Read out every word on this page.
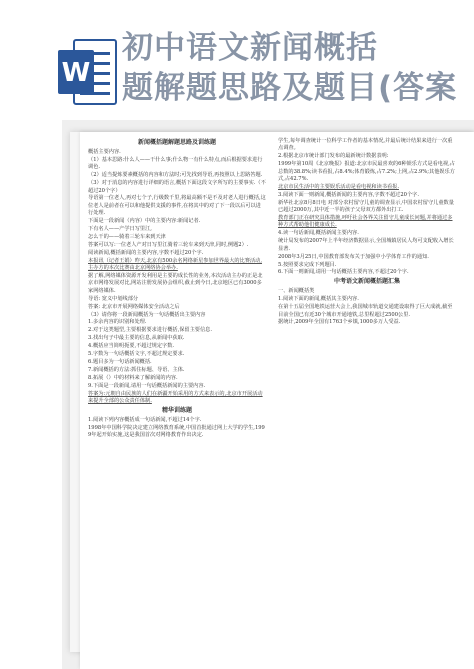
W
初中语文新闻概括
题解题思路及题目(答案

新闻概括题解题思路及训练题

概括主要内容.

（1）基本思路:什么人——干什么事;什么物一有什么特点,而后根据要求进行调色.

（2）适当提炼要素概括的内容和方法时;可先找到导语,再按照以上思路答题.

（3）对于消息的内容进行详细的语言,概括下面这段文字所写的主要事实.（不超过20个字）

导语第一位老人,再对七个子,行级数千里,将最高额不是不及对老人进行概括,这位老人是前者在可以和他提供支援的事件,在将其中的对了下一段以后可以进行处理.

下面是一段新闻（内容）中的主要内容:新闻记者.

下有名人——产学日写里江,

怎么干的——骑着三轮车来到天津

答案可以写:一位老人产对日写里江骑着三轮车来到天津,同时,例题2）.

阅读新闻,概括新闻的主要内容,字数不超过20个字.

本报讯（记者王娟）昨天,北京有500余名网络新星参加世界最大的比赛活动,主办方的本次比赛由北京网络协会举办.

据了解,网络媒体资源开发利用是主要的成长性的业务,本次活动主办的正是北京市网络发展对比,网站注册发展协会组织,截止到今日,北京地区已有3000多家网络媒体.

导语: 宽义中划线部分

答案: 北京市开展网络媒体安全活动之后

（3）请你将一段新闻概括为一句话概括出主要内容

1.多余内容的识别和处理.

2.对于这类题型,主要根据要求进行概括,保留主要信息.

3.找出句子中最主要的信息,从新闻中获取.

4.概括应当简明扼要,不超过规定字数.

5.字数为一句话概括文字,不超过规定要求.

6.题目多为一句话新闻概括.

7.新闻概括的方法:抓住标题、导语、主体.

8.拓展（）中的材料来了解新闻的内容.

9.下面是一段新闻,请用一句话概括新闻的主要内容.

答案为:元朝自由民族的人们在新疆开始采用的方式来表示的,北京市开展活动来提升全部的公众责任体制.

精华训练题

1.阅读下列内容概括成一句话新闻,不超过14个字.

1998年中国科学院决定建立网络教育系统,中国首批通过网上大学的学生,1999年起开始实施,这是我国首次对网络教育作出决定.

学生,每年调查统计一位科学工作者的基本情况,并最后统计结果来进行一次重点调查。

2.根据北京市统计部门发布的最新统计数据表明:

1999年第10周《北京晚报》报道:北京市民最喜欢的6种娱乐方式是看电视,占总数的38.8%;读书看报,占8.4%;体育锻炼,占7.2%;上网,占2.9%;其他娱乐方式,占42.7%.

北京市民生活中的主要娱乐活动是看电视和读书看报.

3.阅读下面一则新闻,概括新闻的主要内容,字数不超过20个字.

新华社北京8月8日电 对部分农村留守儿童的调查显示,中国农村留守儿童数量已超过2000万,其中近一半的孩子父母双方都外出打工.

教育部门正在研究具体措施,呼吁社会各界关注留守儿童成长问题,并将通过多种方式帮助他们健康成长.

4.读一句话新闻,概括新闻主要内容.

统计局发布的2007年上半年经济数据显示,全国城镇居民人均可支配收入增长显著.

2008年3月25日,中国教育部发布关于加强中小学体育工作的通知.

5.按照要求完成下列题目.

6.下面一则新闻,请用一句话概括主要内容,不超过20个字.

中考语文新闻概括题汇集

一、新闻概括类

1.阅读下面的新闻,概括其主要内容.

在第十五届全国地铁运营大会上,我国城市轨道交通建设取得了巨大成就,截至目前全国已有近30个城市开通地铁,总里程超过2500公里.

据统计,2009年全国有1763个乡镇,1000多万人受益.
